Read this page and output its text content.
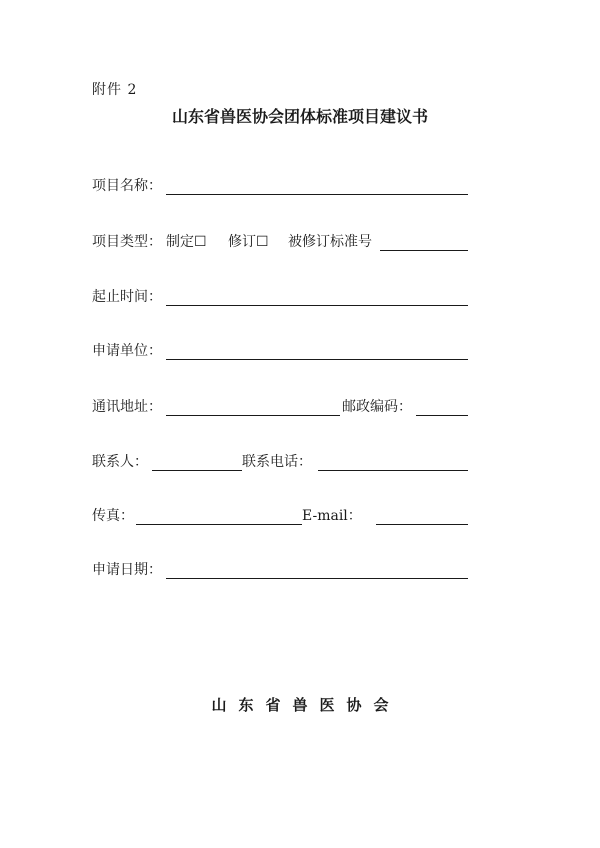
附件 2
山东省兽医协会团体标准项目建议书
项目名称：
项目类型： 制定☐ 修订☐ 被修订标准号
起止时间：
申请单位：
通讯地址：	邮政编码：
联系人：	联系电话：
传真：	E-mail：
申请日期：
山东省兽医协会
